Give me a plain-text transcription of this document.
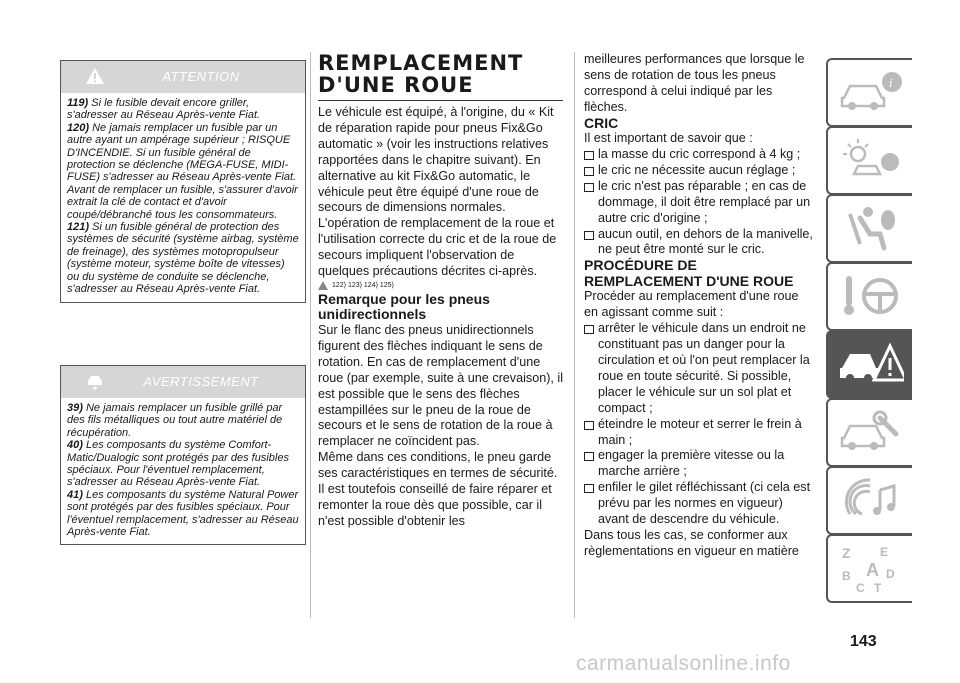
ATTENTION

119) Si le fusible devait encore griller, s'adresser au Réseau Après-vente Fiat.

120) Ne jamais remplacer un fusible par un autre ayant un ampérage supérieur ; RISQUE D'INCENDIE. Si un fusible général de protection se déclenche (MEGA-FUSE, MIDI-FUSE) s'adresser au Réseau Après-vente Fiat. Avant de remplacer un fusible, s'assurer d'avoir extrait la clé de contact et d'avoir coupé/débranché tous les consommateurs.

121) Si un fusible général de protection des systèmes de sécurité (système airbag, système de freinage), des systèmes motopropulseur (système moteur, système boîte de vitesses) ou du système de conduite se déclenche, s'adresser au Réseau Après-vente Fiat.

AVERTISSEMENT

39) Ne jamais remplacer un fusible grillé par des fils métalliques ou tout autre matériel de récupération.

40) Les composants du système Comfort-Matic/Dualogic sont protégés par des fusibles spéciaux. Pour l'éventuel remplacement, s'adresser au Réseau Après-vente Fiat.

41) Les composants du système Natural Power sont protégés par des fusibles spéciaux. Pour l'éventuel remplacement, s'adresser au Réseau Après-vente Fiat.

REMPLACEMENT
D'UNE ROUE

Le véhicule est équipé, à l'origine, du « Kit de réparation rapide pour pneus Fix&Go automatic » (voir les instructions relatives rapportées dans le chapitre suivant). En alternative au kit Fix&Go automatic, le véhicule peut être équipé d'une roue de secours de dimensions normales.

L'opération de remplacement de la roue et l'utilisation correcte du cric et de la roue de secours impliquent l'observation de quelques précautions décrites ci-après.

122) 123) 124) 125)

Remarque pour les pneus unidirectionnels

Sur le flanc des pneus unidirectionnels figurent des flèches indiquant le sens de rotation. En cas de remplacement d'une roue (par exemple, suite à une crevaison), il est possible que le sens des flèches estampillées sur le pneu de la roue de secours et le sens de rotation de la roue à remplacer ne coïncident pas.

Même dans ces conditions, le pneu garde ses caractéristiques en termes de sécurité.

Il est toutefois conseillé de faire réparer et remonter la roue dès que possible, car il n'est possible d'obtenir les

meilleures performances que lorsque le sens de rotation de tous les pneus correspond à celui indiqué par les flèches.

CRIC

Il est important de savoir que :

la masse du cric correspond à 4 kg ;

le cric ne nécessite aucun réglage ;

le cric n'est pas réparable ; en cas de dommage, il doit être remplacé par un autre cric d'origine ;

aucun outil, en dehors de la manivelle, ne peut être monté sur le cric.

PROCÉDURE DE REMPLACEMENT D'UNE ROUE

Procéder au remplacement d'une roue en agissant comme suit :

arrêter le véhicule dans un endroit ne constituant pas un danger pour la circulation et où l'on peut remplacer la roue en toute sécurité. Si possible, placer le véhicule sur un sol plat et compact ;

éteindre le moteur et serrer le frein à main ;

engager la première vitesse ou la marche arrière ;

enfiler le gilet réfléchissant (ci cela est prévu par les normes en vigueur) avant de descendre du véhicule.

Dans tous les cas, se conformer aux règlementations en vigueur en matière

i
Z E
B A D
C T
143
carmanualsonline.info
